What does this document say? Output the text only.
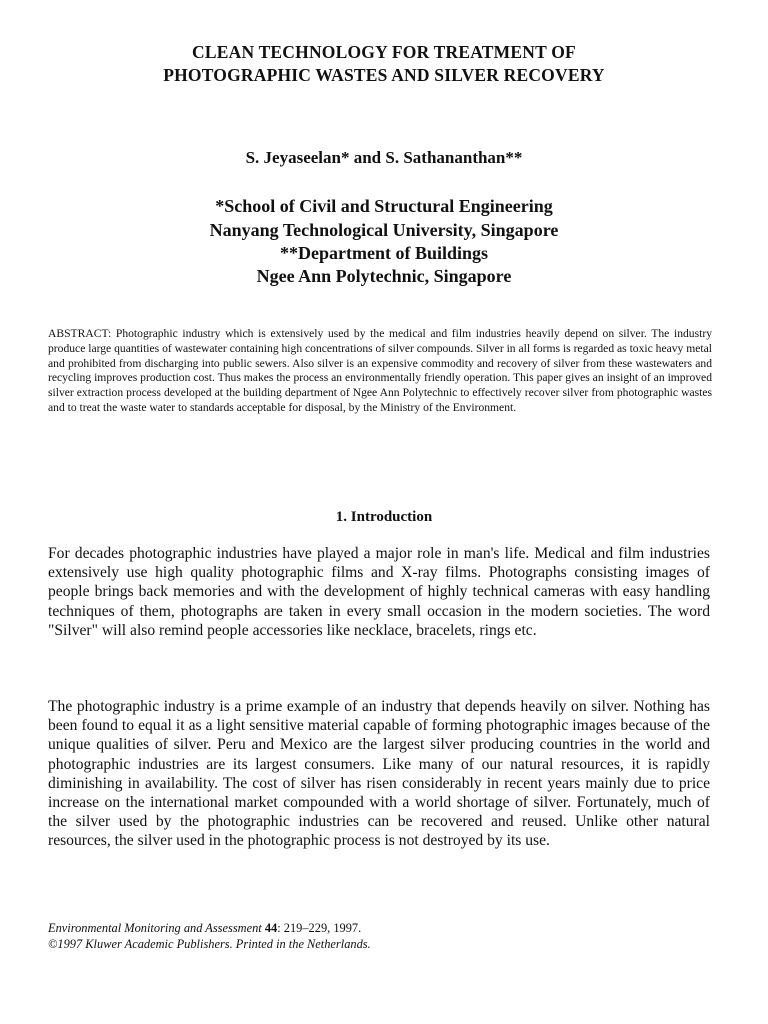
CLEAN TECHNOLOGY FOR TREATMENT OF
PHOTOGRAPHIC WASTES AND SILVER RECOVERY
S. Jeyaseelan* and S. Sathananthan**
*School of Civil and Structural Engineering
Nanyang Technological University, Singapore
**Department of Buildings
Ngee Ann Polytechnic, Singapore
ABSTRACT: Photographic industry which is extensively used by the medical and film industries heavily depend on silver. The industry produce large quantities of wastewater containing high concentrations of silver compounds. Silver in all forms is regarded as toxic heavy metal and prohibited from discharging into public sewers. Also silver is an expensive commodity and recovery of silver from these wastewaters and recycling improves production cost. Thus makes the process an environmentally friendly operation. This paper gives an insight of an improved silver extraction process developed at the building department of Ngee Ann Polytechnic to effectively recover silver from photographic wastes and to treat the waste water to standards acceptable for disposal, by the Ministry of the Environment.
1. Introduction
For decades photographic industries have played a major role in man's life. Medical and film industries extensively use high quality photographic films and X-ray films. Photographs consisting images of people brings back memories and with the development of highly technical cameras with easy handling techniques of them, photographs are taken in every small occasion in the modern societies. The word "Silver" will also remind people accessories like necklace, bracelets, rings etc.
The photographic industry is a prime example of an industry that depends heavily on silver. Nothing has been found to equal it as a light sensitive material capable of forming photographic images because of the unique qualities of silver. Peru and Mexico are the largest silver producing countries in the world and photographic industries are its largest consumers. Like many of our natural resources, it is rapidly diminishing in availability. The cost of silver has risen considerably in recent years mainly due to price increase on the international market compounded with a world shortage of silver. Fortunately, much of the silver used by the photographic industries can be recovered and reused. Unlike other natural resources, the silver used in the photographic process is not destroyed by its use.
Environmental Monitoring and Assessment 44: 219–229, 1997.
©1997 Kluwer Academic Publishers. Printed in the Netherlands.
